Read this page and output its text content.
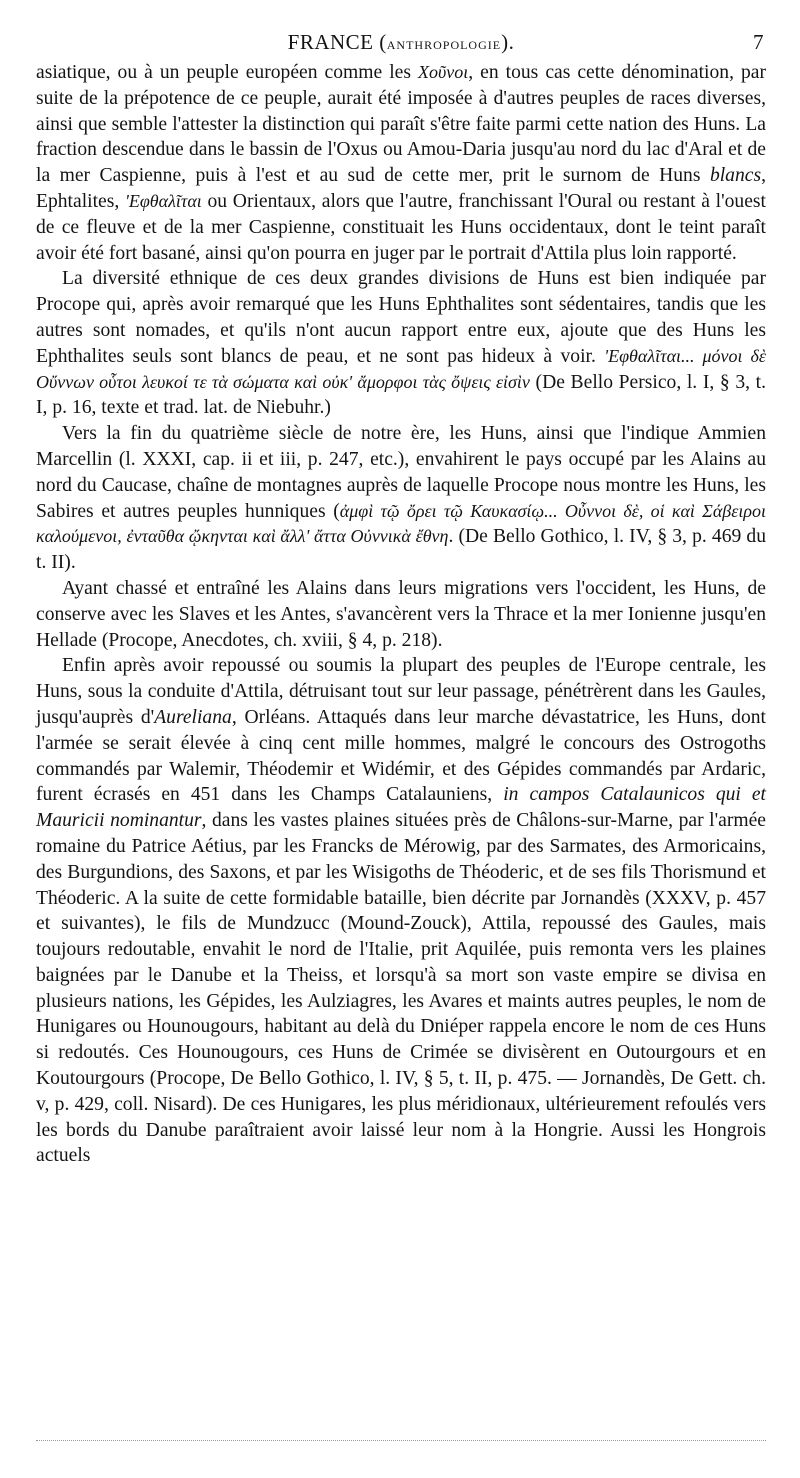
FRANCE (anthropologie).	7

asiatique, ou à un peuple européen comme les Χοῦνοι, en tous cas cette dénomination, par suite de la prépotence de ce peuple, aurait été imposée à d'autres peuples de races diverses, ainsi que semble l'attester la distinction qui paraît s'être faite parmi cette nation des Huns. La fraction descendue dans le bassin de l'Oxus ou Amou-Daria jusqu'au nord du lac d'Aral et de la mer Caspienne, puis à l'est et au sud de cette mer, prit le surnom de Huns blancs, Ephtalites, 'Εφθαλῖται ou Orientaux, alors que l'autre, franchissant l'Oural ou restant à l'ouest de ce fleuve et de la mer Caspienne, constituait les Huns occidentaux, dont le teint paraît avoir été fort basané, ainsi qu'on pourra en juger par le portrait d'Attila plus loin rapporté.

La diversité ethnique de ces deux grandes divisions de Huns est bien indiquée par Procope qui, après avoir remarqué que les Huns Ephthalites sont sédentaires, tandis que les autres sont nomades, et qu'ils n'ont aucun rapport entre eux, ajoute que des Huns les Ephthalites seuls sont blancs de peau, et ne sont pas hideux à voir. 'Εφθαλῖται... μόνοι δὲ Οὔννων οὗτοι λευκοί τε τὰ σώματα καὶ οὐκ' ἄμορφοι τὰς ὄψεις εἰσὶν (De Bello Persico, l. I, § 3, t. I, p. 16, texte et trad. lat. de Niebuhr.)

Vers la fin du quatrième siècle de notre ère, les Huns, ainsi que l'indique Ammien Marcellin (l. XXXI, cap. ii et iii, p. 247, etc.), envahirent le pays occupé par les Alains au nord du Caucase, chaîne de montagnes auprès de laquelle Procope nous montre les Huns, les Sabires et autres peuples hunniques (ἀμφὶ τῷ ὄρει τῷ Καυκασίῳ... Οὖννοι δὲ, οἱ καὶ Σάβειροι καλούμενοι, ἐνταῦθα ᾤκηνται καὶ ἄλλ' ἄττα Οὐννικὰ ἔθνη. (De Bello Gothico, l. IV, § 3, p. 469 du t. II).

Ayant chassé et entraîné les Alains dans leurs migrations vers l'occident, les Huns, de conserve avec les Slaves et les Antes, s'avancèrent vers la Thrace et la mer Ionienne jusqu'en Hellade (Procope, Anecdotes, ch. xviii, § 4, p. 218).

Enfin après avoir repoussé ou soumis la plupart des peuples de l'Europe centrale, les Huns, sous la conduite d'Attila, détruisant tout sur leur passage, pénétrèrent dans les Gaules, jusqu'auprès d'Aureliana, Orléans. Attaqués dans leur marche dévastatrice, les Huns, dont l'armée se serait élevée à cinq cent mille hommes, malgré le concours des Ostrogoths commandés par Walemir, Théodemir et Widémir, et des Gépides commandés par Ardaric, furent écrasés en 451 dans les Champs Catalauniens, in campos Catalaunicos qui et Mauricii nominantur, dans les vastes plaines situées près de Châlons-sur-Marne, par l'armée romaine du Patrice Aétius, par les Francks de Mérowig, par des Sarmates, des Armoricains, des Burgundions, des Saxons, et par les Wisigoths de Théoderic, et de ses fils Thorismund et Théoderic. A la suite de cette formidable bataille, bien décrite par Jornandès (XXXV, p. 457 et suivantes), le fils de Mundzucc (Mound-Zouck), Attila, repoussé des Gaules, mais toujours redoutable, envahit le nord de l'Italie, prit Aquilée, puis remonta vers les plaines baignées par le Danube et la Theiss, et lorsqu'à sa mort son vaste empire se divisa en plusieurs nations, les Gépides, les Aulziagres, les Avares et maints autres peuples, le nom de Hunigares ou Hounougours, habitant au delà du Dniéper rappela encore le nom de ces Huns si redoutés. Ces Hounougours, ces Huns de Crimée se divisèrent en Outourgours et en Koutourgours (Procope, De Bello Gothico, l. IV, § 5, t. II, p. 475. — Jornandès, De Gett. ch. v, p. 429, coll. Nisard). De ces Hunigares, les plus méridionaux, ultérieurement refoulés vers les bords du Danube paraîtraient avoir laissé leur nom à la Hongrie. Aussi les Hongrois actuels
